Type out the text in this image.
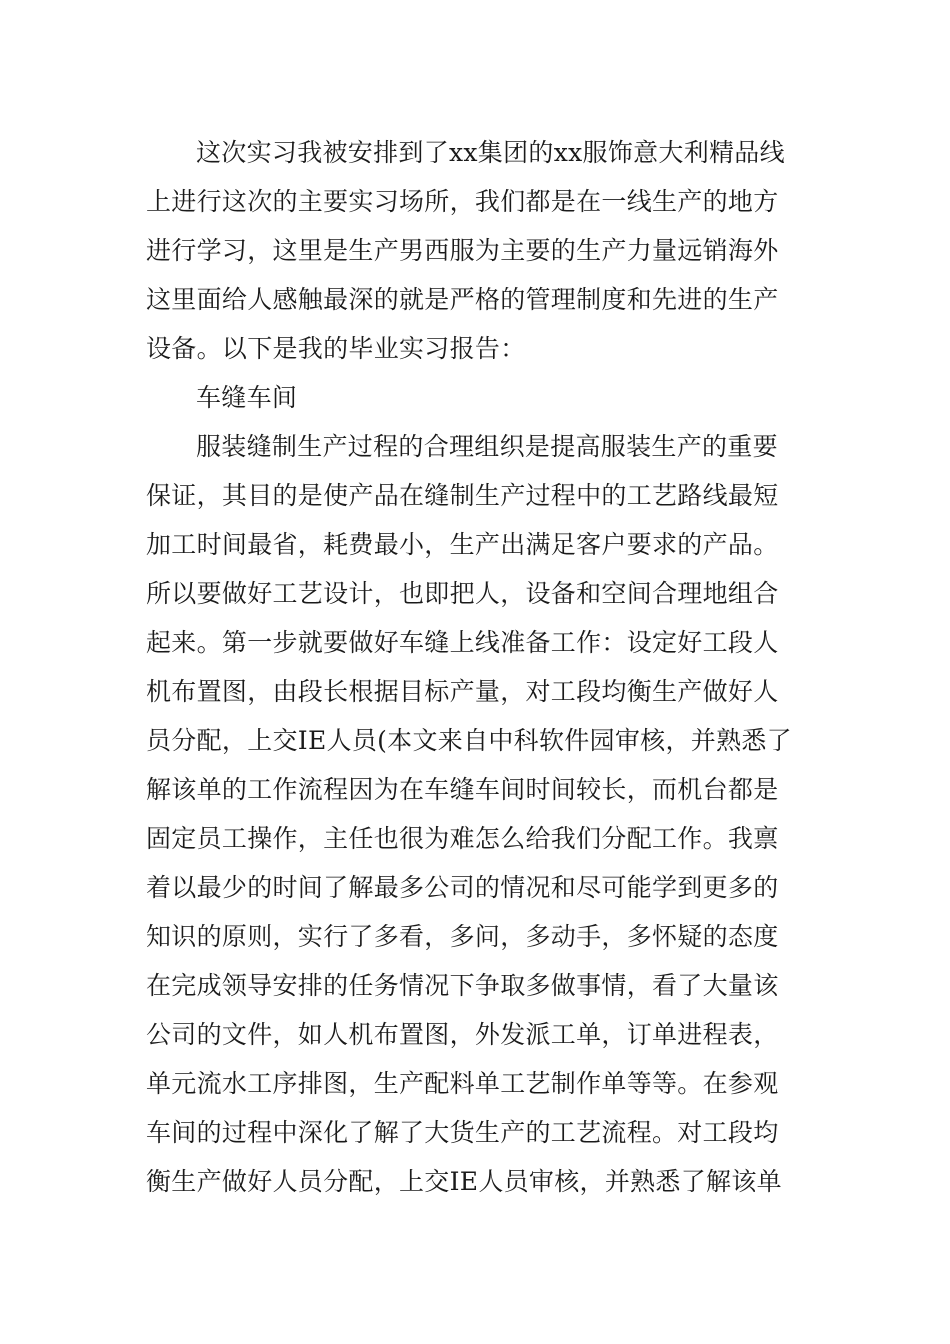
这次实习我被安排到了xx集团的xx服饰意大利精品线
上进行这次的主要实习场所，我们都是在一线生产的地方
进行学习，这里是生产男西服为主要的生产力量远销海外
这里面给人感触最深的就是严格的管理制度和先进的生产
设备。以下是我的毕业实习报告：
车缝车间
服装缝制生产过程的合理组织是提高服装生产的重要
保证，其目的是使产品在缝制生产过程中的工艺路线最短
加工时间最省，耗费最小，生产出满足客户要求的产品。
所以要做好工艺设计，也即把人，设备和空间合理地组合
起来。第一步就要做好车缝上线准备工作：设定好工段人
机布置图，由段长根据目标产量，对工段均衡生产做好人
员分配，上交IE人员(本文来自中科软件园审核，并熟悉了
解该单的工作流程因为在车缝车间时间较长，而机台都是
固定员工操作，主任也很为难怎么给我们分配工作。我禀
着以最少的时间了解最多公司的情况和尽可能学到更多的
知识的原则，实行了多看，多问，多动手，多怀疑的态度
在完成领导安排的任务情况下争取多做事情，看了大量该
公司的文件，如人机布置图，外发派工单，订单进程表，
单元流水工序排图，生产配料单工艺制作单等等。在参观
车间的过程中深化了解了大货生产的工艺流程。对工段均
衡生产做好人员分配，上交IE人员审核，并熟悉了解该单
